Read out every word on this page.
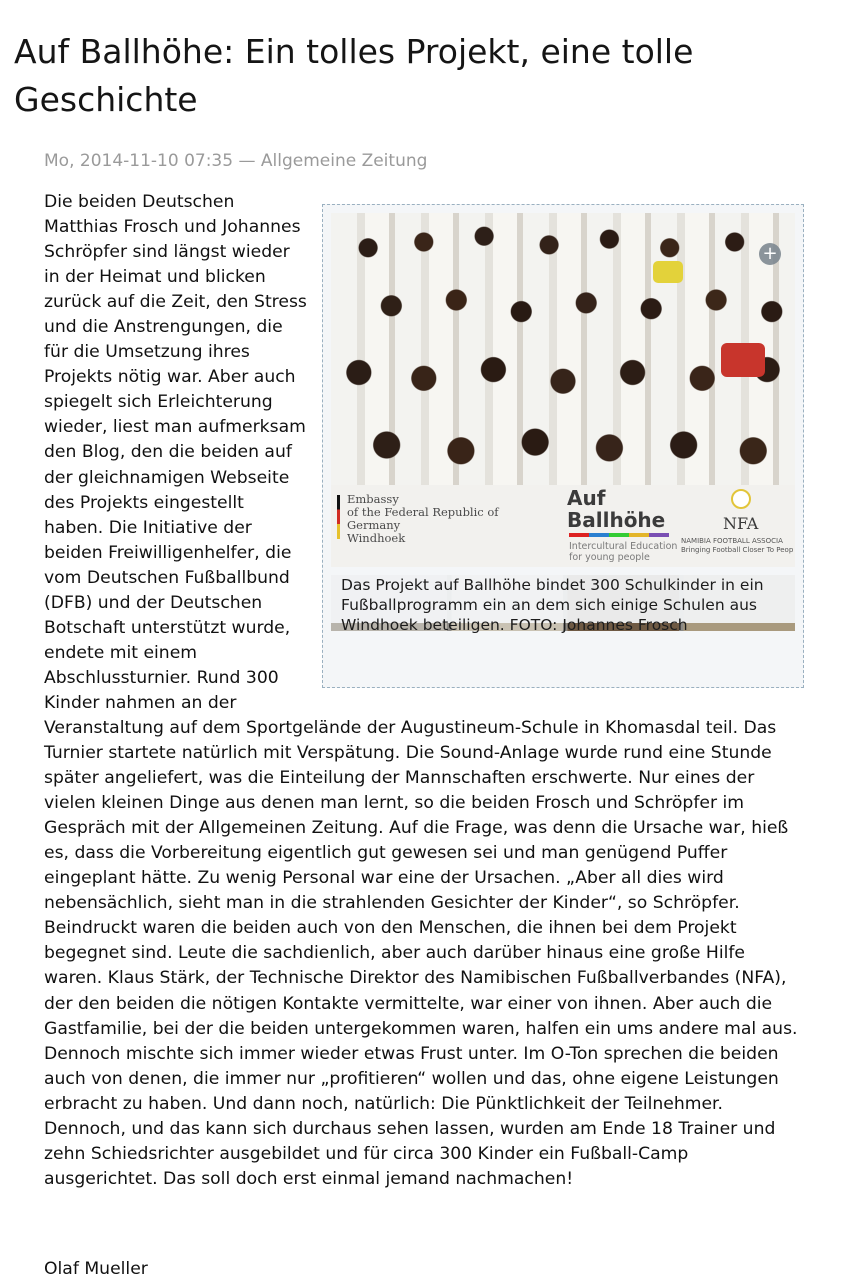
Auf Ballhöhe: Ein tolles Projekt, eine tolle Geschichte
Mo, 2014-11-10 07:35 — Allgemeine Zeitung
+
Embassy
of the Federal Republic of Germany
Windhoek
Auf Ballhöhe
Intercultural Education
for young people
NFA
NAMIBIA FOOTBALL ASSOCIA
Bringing Football Closer To Peop
Das Projekt auf Ballhöhe bindet 300 Schulkinder in ein Fußballprogramm ein an dem sich einige Schulen aus Windhoek beteiligen. FOTO: Johannes Frosch

Die beiden Deutschen Matthias Frosch und Johannes Schröpfer sind längst wieder in der Heimat und blicken zurück auf die Zeit, den Stress und die Anstrengungen, die für die Umsetzung ihres Projekts nötig war. Aber auch spiegelt sich Erleichterung wieder, liest man aufmerksam den Blog, den die beiden auf der gleichnamigen Webseite des Projekts eingestellt haben. Die Initiative der beiden Freiwilligenhelfer, die vom Deutschen Fußballbund (DFB) und der Deutschen Botschaft unterstützt wurde, endete mit einem Abschlussturnier. Rund 300 Kinder nahmen an der Veranstaltung auf dem Sportgelände der Augustineum-Schule in Khomasdal teil. Das Turnier startete natürlich mit Verspätung. Die Sound-Anlage wurde rund eine Stunde später angeliefert, was die Einteilung der Mannschaften erschwerte. Nur eines der vielen kleinen Dinge aus denen man lernt, so die beiden Frosch und Schröpfer im Gespräch mit der Allgemeinen Zeitung. Auf die Frage, was denn die Ursache war, hieß es, dass die Vorbereitung eigentlich gut gewesen sei und man genügend Puffer eingeplant hätte. Zu wenig Personal war eine der Ursachen. „Aber all dies wird nebensächlich, sieht man in die strahlenden Gesichter der Kinder“, so Schröpfer.

Beindruckt waren die beiden auch von den Menschen, die ihnen bei dem Projekt begegnet sind. Leute die sachdienlich, aber auch darüber hinaus eine große Hilfe waren. Klaus Stärk, der Technische Direktor des Namibischen Fußballverbandes (NFA), der den beiden die nötigen Kontakte vermittelte, war einer von ihnen. Aber auch die Gastfamilie, bei der die beiden untergekommen waren, halfen ein ums andere mal aus.

Dennoch mischte sich immer wieder etwas Frust unter. Im O-Ton sprechen die beiden auch von denen, die immer nur „profitieren“ wollen und das, ohne eigene Leistungen erbracht zu haben. Und dann noch, natürlich: Die Pünktlichkeit der Teilnehmer. Dennoch, und das kann sich durchaus sehen lassen, wurden am Ende 18 Trainer und zehn Schiedsrichter ausgebildet und für circa 300 Kinder ein Fußball-Camp ausgerichtet. Das soll doch erst einmal jemand nachmachen!

Olaf Mueller
